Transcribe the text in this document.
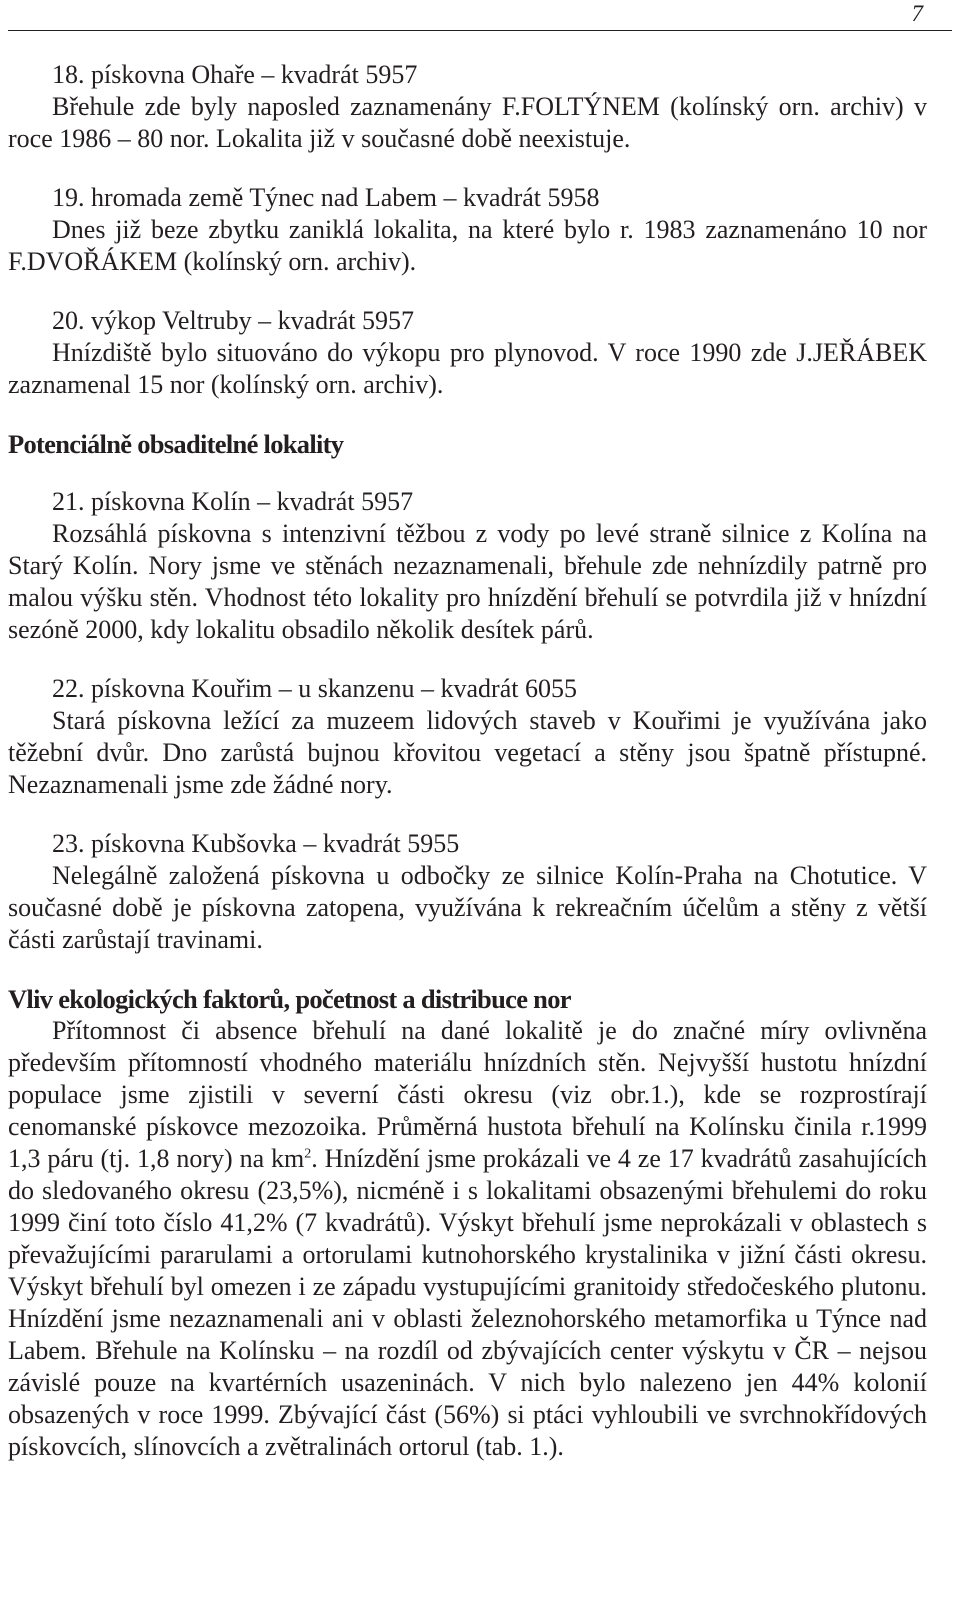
7
18. pískovna Ohaře – kvadrát 5957
Břehule zde byly naposled zaznamenány F.FOLTÝNEM (kolínský orn. archiv) v roce 1986 – 80 nor. Lokalita již v současné době neexistuje.
19. hromada země Týnec nad Labem – kvadrát 5958
Dnes již beze zbytku zaniklá lokalita, na které bylo r. 1983 zaznamenáno 10 nor F.DVOŘÁKEM (kolínský orn. archiv).
20. výkop Veltruby – kvadrát 5957
Hnízdiště bylo situováno do výkopu pro plynovod. V roce 1990 zde J.JEŘÁBEK zaznamenal 15 nor (kolínský orn. archiv).
Potenciálně obsaditelné lokality
21. pískovna Kolín – kvadrát 5957
Rozsáhlá pískovna s intenzivní těžbou z vody po levé straně silnice z Kolína na Starý Kolín. Nory jsme ve stěnách nezaznamenali, břehule zde nehnízdily patrně pro malou výšku stěn. Vhodnost této lokality pro hnízdění břehulí se potvrdila již v hnízdní sezóně 2000, kdy lokalitu obsadilo několik desítek párů.
22. pískovna Kouřim – u skanzenu – kvadrát 6055
Stará pískovna ležící za muzeem lidových staveb v Kouřimi je využívána jako těžební dvůr. Dno zarůstá bujnou křovitou vegetací a stěny jsou špatně přístupné. Nezaznamenali jsme zde žádné nory.
23. pískovna Kubšovka – kvadrát 5955
Nelegálně založená pískovna u odbočky ze silnice Kolín-Praha na Chotutice. V současné době je pískovna zatopena, využívána k rekreačním účelům a stěny z větší části zarůstají travinami.
Vliv ekologických faktorů, početnost a distribuce nor
Přítomnost či absence břehulí na dané lokalitě je do značné míry ovlivněna především přítomností vhodného materiálu hnízdních stěn. Nejvyšší hustotu hnízdní populace jsme zjistili v severní části okresu (viz obr.1.), kde se rozprostírají cenomanské pískovce mezozoika. Průměrná hustota břehulí na Kolínsku činila r.1999 1,3 páru (tj. 1,8 nory) na $km^2$. Hnízdění jsme prokázali ve 4 ze 17 kvadrátů zasahujících do sledovaného okresu (23,5%), nicméně i s lokalitami obsazenými břehulemi do roku 1999 činí toto číslo 41,2% (7 kvadrátů). Výskyt břehulí jsme neprokázali v oblastech s převažujícími pararulami a ortorulami kutnohorského krystalinika v jižní části okresu. Výskyt břehulí byl omezen i ze západu vystupujícími granitoidy středočeského plutonu. Hnízdění jsme nezaznamenali ani v oblasti železnohorského metamorfika u Týnce nad Labem. Břehule na Kolínsku – na rozdíl od zbývajících center výskytu v ČR – nejsou závislé pouze na kvartérních usazeninách. V nich bylo nalezeno jen 44% kolonií obsazených v roce 1999. Zbývající část (56%) si ptáci vyhloubili ve svrchnokřídových pískovcích, slínovcích a zvětralinách ortorul (tab. 1.).
